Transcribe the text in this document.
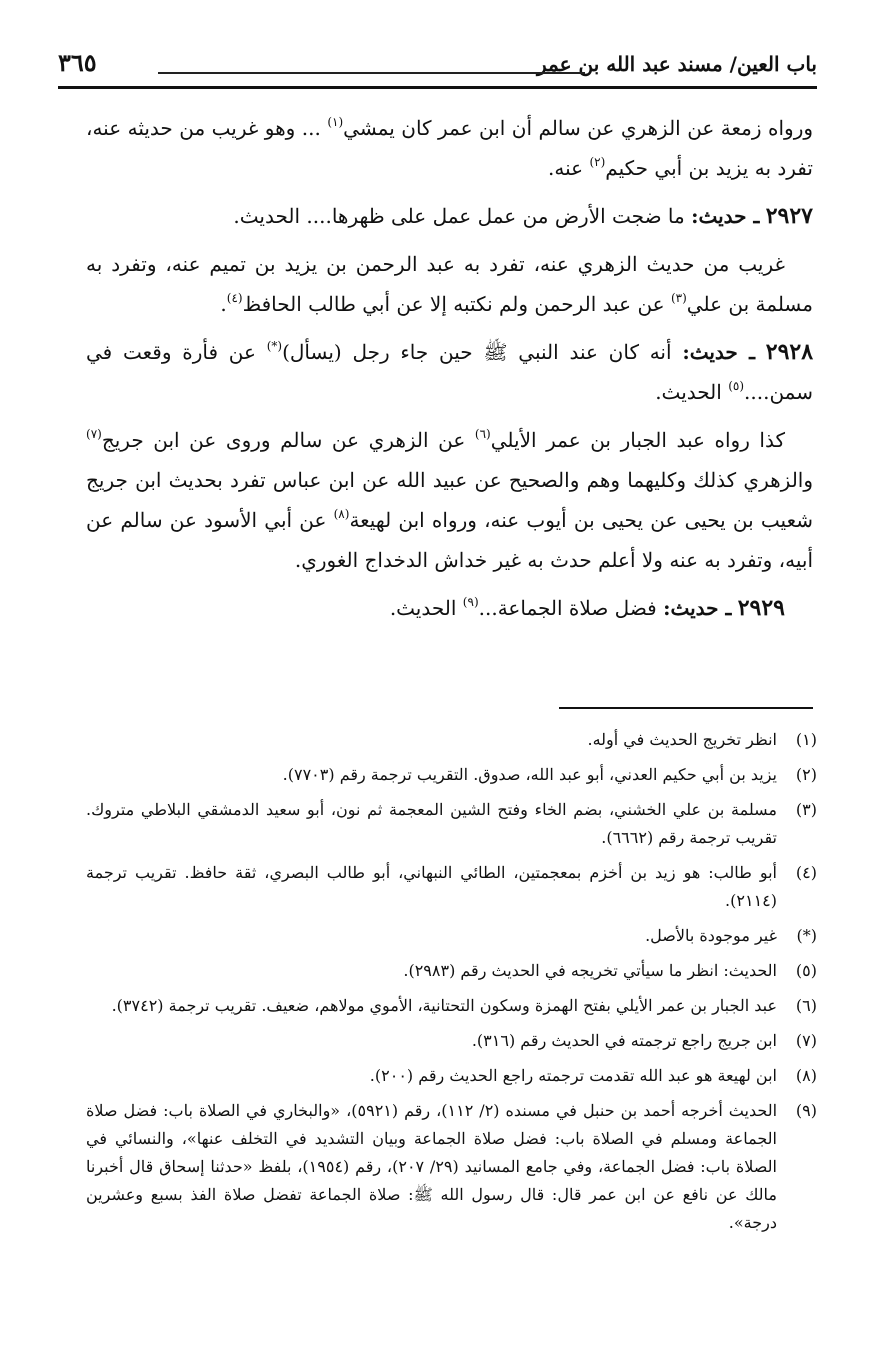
باب العين/ مسند عبد الله بن عمر
٣٦٥

ورواه زمعة عن الزهري عن سالم أن ابن عمر كان يمشي$^{(١)}$ ... وهو غريب من حديثه عنه، تفرد به يزيد بن أبي حكيم$^{(٢)}$ عنه.

٢٩٢٧ ـ حديث: ما ضجت الأرض من عمل عمل على ظهرها.... الحديث.

غريب من حديث الزهري عنه، تفرد به عبد الرحمن بن يزيد بن تميم عنه، وتفرد به مسلمة بن علي$^{(٣)}$ عن عبد الرحمن ولم نكتبه إلا عن أبي طالب الحافظ$^{(٤)}$.

٢٩٢٨ ـ حديث: أنه كان عند النبي ﷺ حين جاء رجل (يسأل)(*) عن فأرة وقعت في سمن....$^{(٥)}$ الحديث.

كذا رواه عبد الجبار بن عمر الأيلي$^{(٦)}$ عن الزهري عن سالم وروى عن ابن جريج$^{(٧)}$ والزهري كذلك وكليهما وهم والصحيح عن عبيد الله عن ابن عباس تفرد بحديث ابن جريج شعيب بن يحيى عن يحيى بن أيوب عنه، ورواه ابن لهيعة$^{(٨)}$ عن أبي الأسود عن سالم عن أبيه، وتفرد به عنه ولا أعلم حدث به غير خداش الدخداج الغوري.

٢٩٢٩ ـ حديث: فضل صلاة الجماعة...$^{(٩)}$ الحديث.

(١)
انظر تخريج الحديث في أوله.
(٢)
يزيد بن أبي حكيم العدني، أبو عبد الله، صدوق. التقريب ترجمة رقم (٧٧٠٣).
(٣)
مسلمة بن علي الخشني، بضم الخاء وفتح الشين المعجمة ثم نون، أبو سعيد الدمشقي البلاطي متروك. تقريب ترجمة رقم (٦٦٦٢).
(٤)
أبو طالب: هو زيد بن أخزم بمعجمتين، الطائي النبهاني، أبو طالب البصري، ثقة حافظ. تقريب ترجمة (٢١١٤).
(*)
غير موجودة بالأصل.
(٥)
الحديث: انظر ما سيأتي تخريجه في الحديث رقم (٢٩٨٣).
(٦)
عبد الجبار بن عمر الأيلي بفتح الهمزة وسكون التحتانية، الأموي مولاهم، ضعيف. تقريب ترجمة (٣٧٤٢).
(٧)
ابن جريج راجع ترجمته في الحديث رقم (٣١٦).
(٨)
ابن لهيعة هو عبد الله تقدمت ترجمته راجع الحديث رقم (٢٠٠).
(٩)
الحديث أخرجه أحمد بن حنبل في مسنده (٢/ ١١٢)، رقم (٥٩٢١)، «والبخاري في الصلاة باب: فضل صلاة الجماعة ومسلم في الصلاة باب: فضل صلاة الجماعة وبيان التشديد في التخلف عنها»، والنسائي في الصلاة باب: فضل الجماعة، وفي جامع المسانيد (٢٩/ ٢٠٧)، رقم (١٩٥٤)، بلفظ «حدثنا إسحاق قال أخبرنا مالك عن نافع عن ابن عمر قال: قال رسول الله ﷺ: صلاة الجماعة تفضل صلاة الفذ بسبع وعشرين درجة».
